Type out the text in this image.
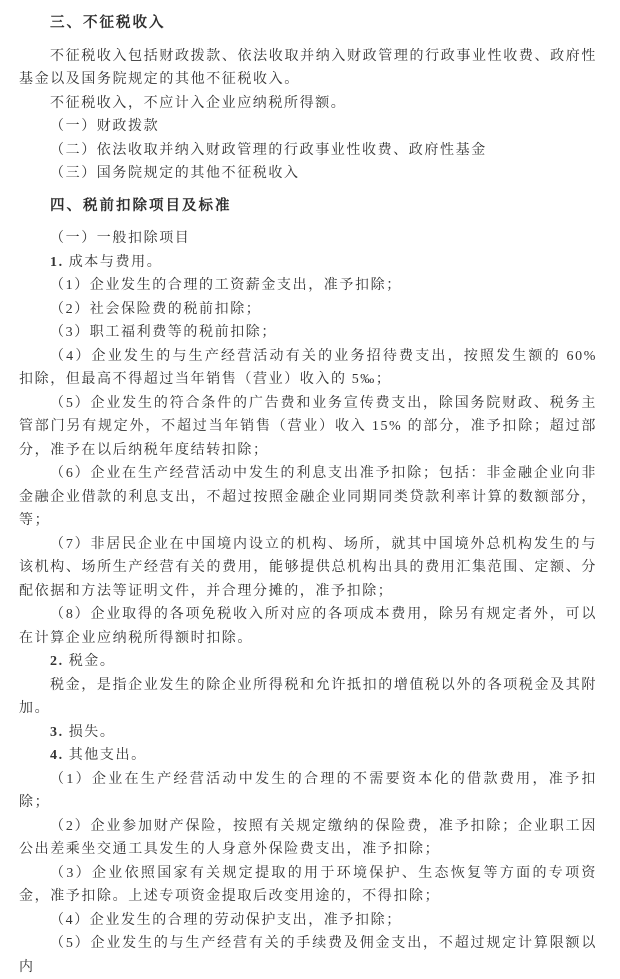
三、不征税收入

不征税收入包括财政拨款、依法收取并纳入财政管理的行政事业性收费、政府性基金以及国务院规定的其他不征税收入。

不征税收入，不应计入企业应纳税所得额。

（一）财政拨款

（二）依法收取并纳入财政管理的行政事业性收费、政府性基金

（三）国务院规定的其他不征税收入

四、税前扣除项目及标准

（一）一般扣除项目

1. 成本与费用。

（1）企业发生的合理的工资薪金支出，准予扣除；

（2）社会保险费的税前扣除；

（3）职工福利费等的税前扣除；

（4）企业发生的与生产经营活动有关的业务招待费支出，按照发生额的 60% 扣除，但最高不得超过当年销售（营业）收入的 5‰；

（5）企业发生的符合条件的广告费和业务宣传费支出，除国务院财政、税务主管部门另有规定外，不超过当年销售（营业）收入 15% 的部分，准予扣除；超过部分，准予在以后纳税年度结转扣除；

（6）企业在生产经营活动中发生的利息支出准予扣除；包括：非金融企业向非金融企业借款的利息支出，不超过按照金融企业同期同类贷款利率计算的数额部分，等；

（7）非居民企业在中国境内设立的机构、场所，就其中国境外总机构发生的与该机构、场所生产经营有关的费用，能够提供总机构出具的费用汇集范围、定额、分配依据和方法等证明文件，并合理分摊的，准予扣除；

（8）企业取得的各项免税收入所对应的各项成本费用，除另有规定者外，可以在计算企业应纳税所得额时扣除。

2. 税金。

税金，是指企业发生的除企业所得税和允许抵扣的增值税以外的各项税金及其附加。

3. 损失。

4. 其他支出。

（1）企业在生产经营活动中发生的合理的不需要资本化的借款费用，准予扣除；

（2）企业参加财产保险，按照有关规定缴纳的保险费，准予扣除；企业职工因公出差乘坐交通工具发生的人身意外保险费支出，准予扣除；

（3）企业依照国家有关规定提取的用于环境保护、生态恢复等方面的专项资金，准予扣除。上述专项资金提取后改变用途的，不得扣除；

（4）企业发生的合理的劳动保护支出，准予扣除；

（5）企业发生的与生产经营有关的手续费及佣金支出，不超过规定计算限额以内
